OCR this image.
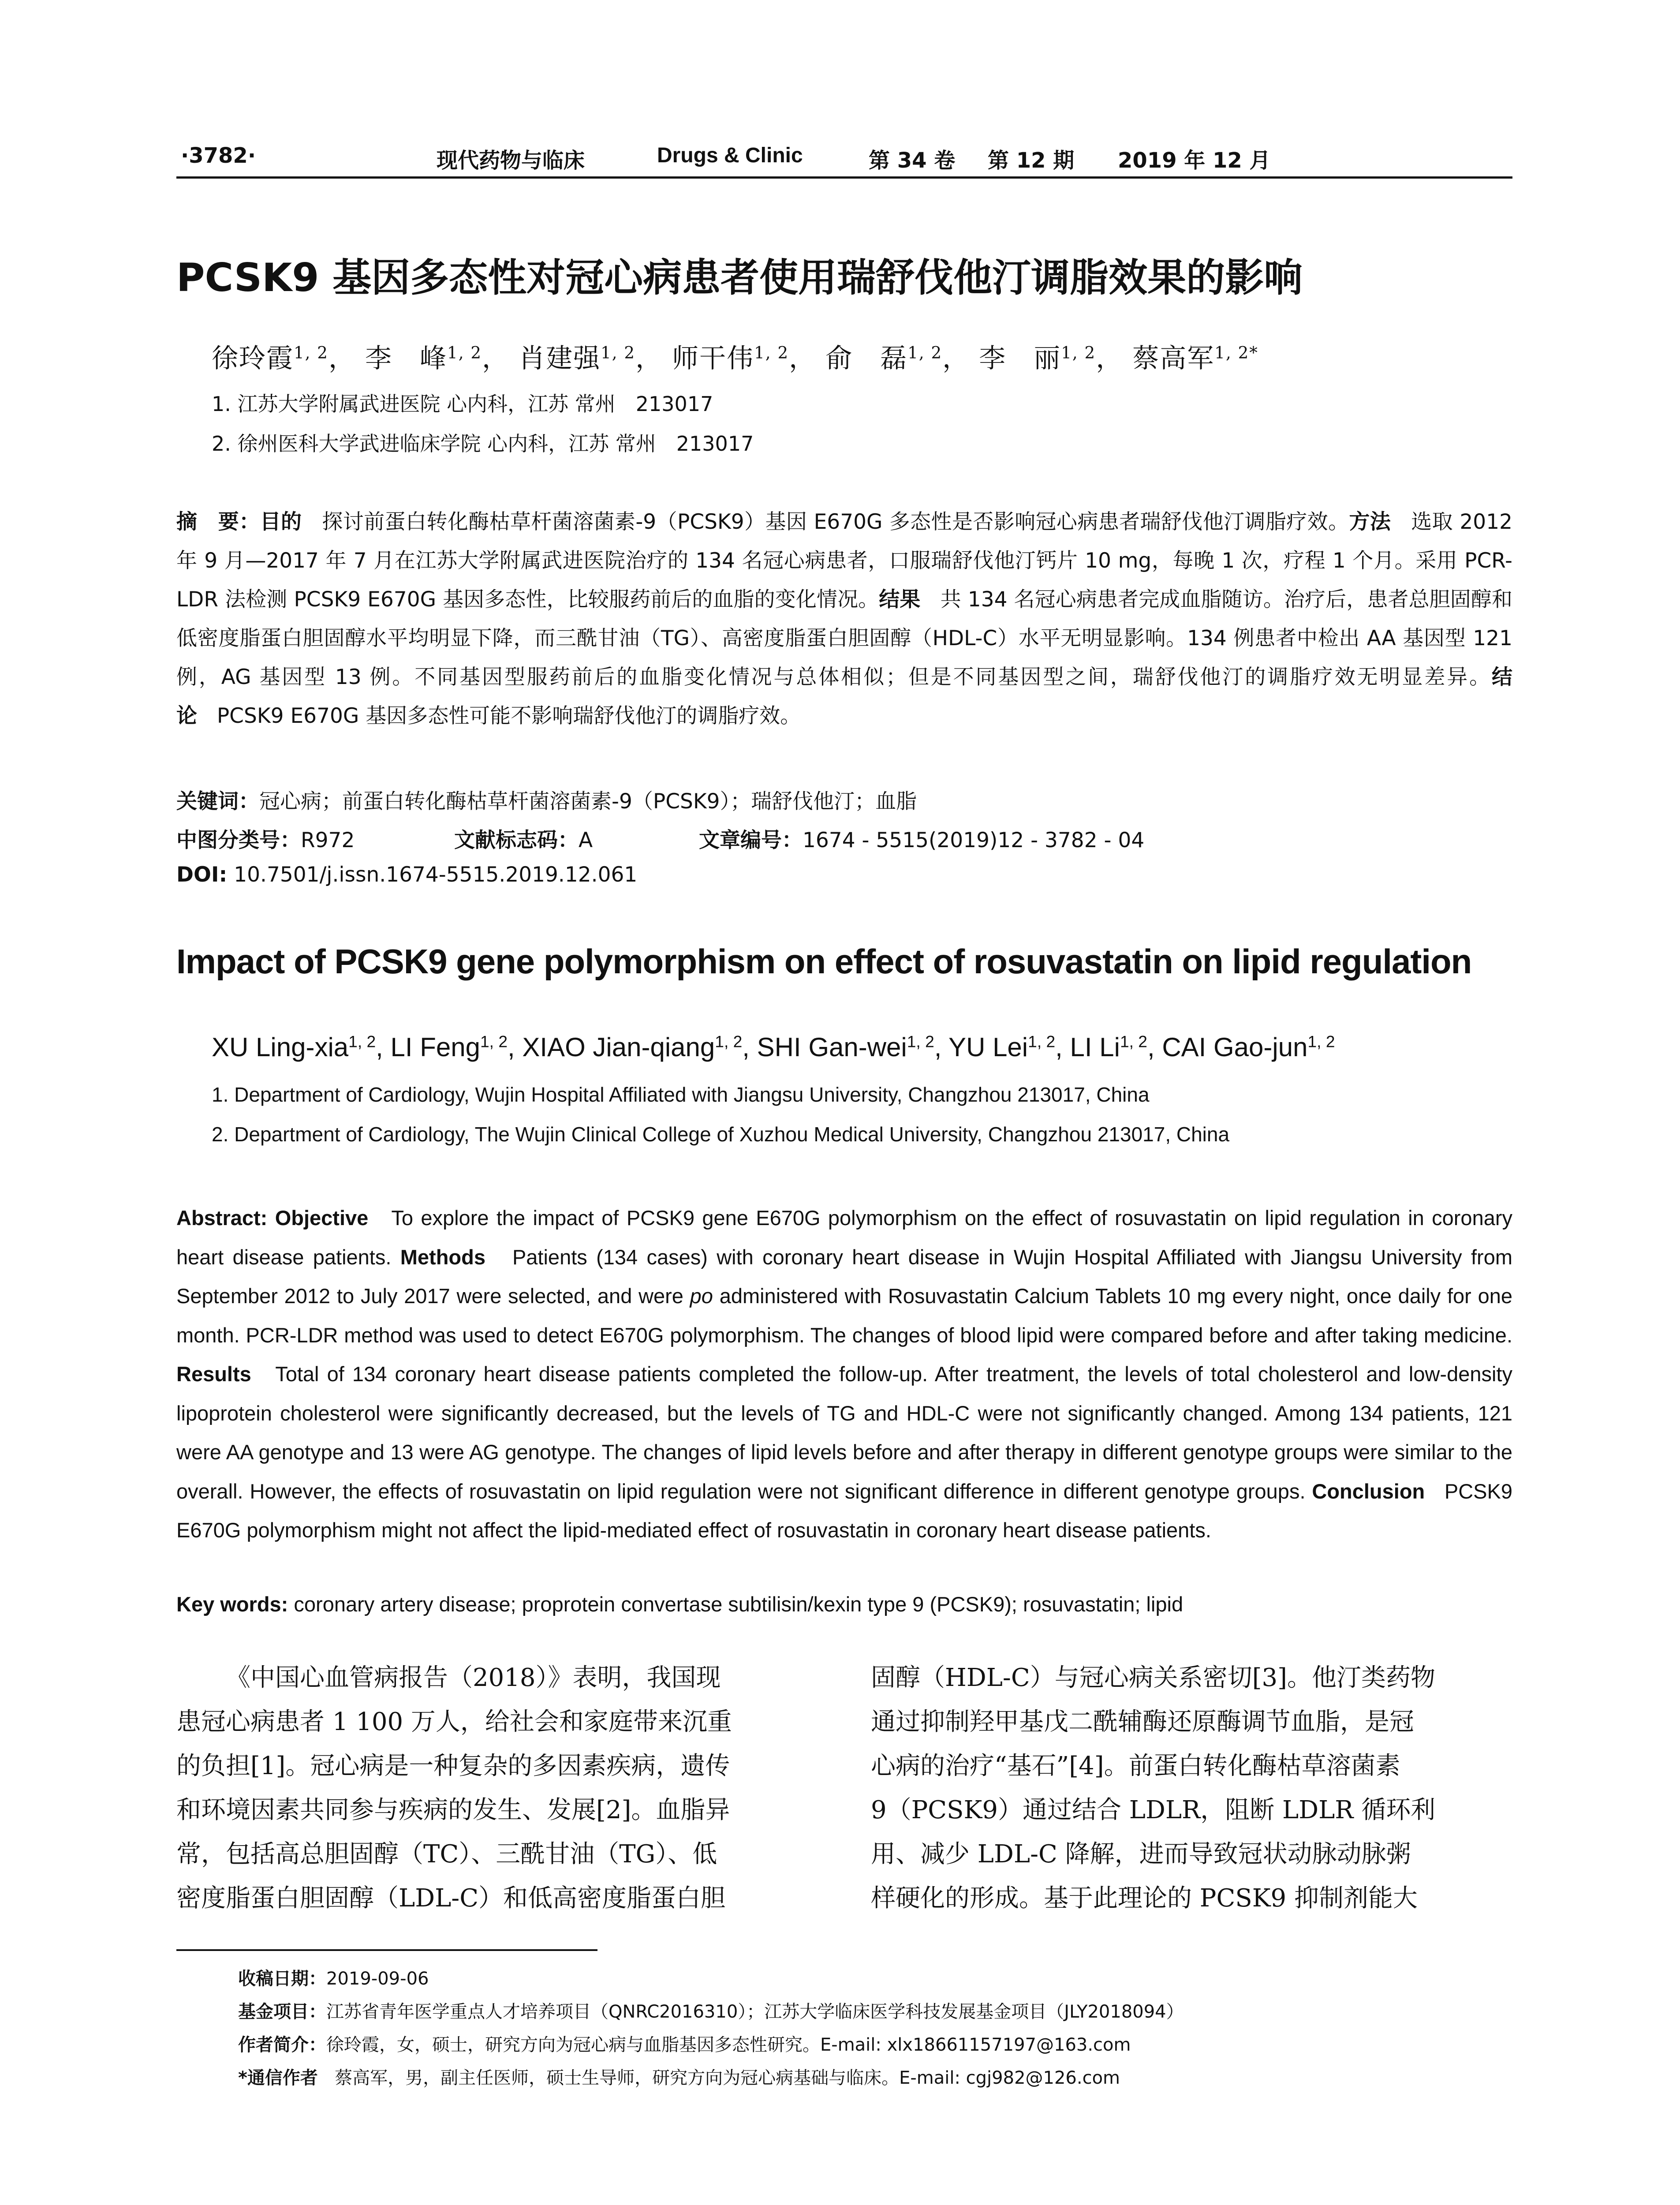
·3782·	现代药物与临床	Drugs & Clinic	第 34 卷 第 12 期 2019 年 12 月
PCSK9 基因多态性对冠心病患者使用瑞舒伐他汀调脂效果的影响
徐玲霞$^{1, 2}$， 李　峰$^{1, 2}$， 肖建强$^{1, 2}$， 师干伟$^{1, 2}$， 俞　磊$^{1, 2}$， 李　丽$^{1, 2}$， 蔡高军$^{1, 2*}$
1. 江苏大学附属武进医院 心内科，江苏 常州　213017
2. 徐州医科大学武进临床学院 心内科，江苏 常州　213017
摘　要：目的 探讨前蛋白转化酶枯草杆菌溶菌素-9（PCSK9）基因 E670G 多态性是否影响冠心病患者瑞舒伐他汀调脂疗效。方法 选取 2012 年 9 月—2017 年 7 月在江苏大学附属武进医院治疗的 134 名冠心病患者，口服瑞舒伐他汀钙片 10 mg，每晚 1 次，疗程 1 个月。采用 PCR-LDR 法检测 PCSK9 E670G 基因多态性，比较服药前后的血脂的变化情况。结果 共 134 名冠心病患者完成血脂随访。治疗后，患者总胆固醇和低密度脂蛋白胆固醇水平均明显下降，而三酰甘油（TG）、高密度脂蛋白胆固醇（HDL-C）水平无明显影响。134 例患者中检出 AA 基因型 121 例，AG 基因型 13 例。不同基因型服药前后的血脂变化情况与总体相似；但是不同基因型之间，瑞舒伐他汀的调脂疗效无明显差异。结论 PCSK9 E670G 基因多态性可能不影响瑞舒伐他汀的调脂疗效。
关键词：冠心病；前蛋白转化酶枯草杆菌溶菌素-9（PCSK9）；瑞舒伐他汀；血脂
中图分类号：R972	文献标志码：A	文章编号：1674 - 5515(2019)12 - 3782 - 04
DOI: 10.7501/j.issn.1674-5515.2019.12.061
Impact of PCSK9 gene polymorphism on effect of rosuvastatin on lipid regulation
XU Ling-xia$^{1, 2}$, LI Feng$^{1, 2}$, XIAO Jian-qiang$^{1, 2}$, SHI Gan-wei$^{1, 2}$, YU Lei$^{1, 2}$, LI Li$^{1, 2}$, CAI Gao-jun$^{1, 2}$
1. Department of Cardiology, Wujin Hospital Affiliated with Jiangsu University, Changzhou 213017, China
2. Department of Cardiology, The Wujin Clinical College of Xuzhou Medical University, Changzhou 213017, China
Abstract: Objective To explore the impact of PCSK9 gene E670G polymorphism on the effect of rosuvastatin on lipid regulation in coronary heart disease patients. Methods Patients (134 cases) with coronary heart disease in Wujin Hospital Affiliated with Jiangsu University from September 2012 to July 2017 were selected, and were po administered with Rosuvastatin Calcium Tablets 10 mg every night, once daily for one month. PCR-LDR method was used to detect E670G polymorphism. The changes of blood lipid were compared before and after taking medicine. Results Total of 134 coronary heart disease patients completed the follow-up. After treatment, the levels of total cholesterol and low-density lipoprotein cholesterol were significantly decreased, but the levels of TG and HDL-C were not significantly changed. Among 134 patients, 121 were AA genotype and 13 were AG genotype. The changes of lipid levels before and after therapy in different genotype groups were similar to the overall. However, the effects of rosuvastatin on lipid regulation were not significant difference in different genotype groups. Conclusion PCSK9 E670G polymorphism might not affect the lipid-mediated effect of rosuvastatin in coronary heart disease patients.
Key words: coronary artery disease; proprotein convertase subtilisin/kexin type 9 (PCSK9); rosuvastatin; lipid
《中国心血管病报告（2018）》表明，我国现
患冠心病患者 1 100 万人，给社会和家庭带来沉重
的负担[1]。冠心病是一种复杂的多因素疾病，遗传
和环境因素共同参与疾病的发生、发展[2]。血脂异
常，包括高总胆固醇（TC）、三酰甘油（TG）、低
密度脂蛋白胆固醇（LDL-C）和低高密度脂蛋白胆
固醇（HDL-C）与冠心病关系密切[3]。他汀类药物
通过抑制羟甲基戊二酰辅酶还原酶调节血脂，是冠
心病的治疗“基石”[4]。前蛋白转化酶枯草溶菌素
9（PCSK9）通过结合 LDLR，阻断 LDLR 循环利
用、减少 LDL-C 降解，进而导致冠状动脉动脉粥
样硬化的形成。基于此理论的 PCSK9 抑制剂能大
收稿日期：2019-09-06
基金项目：江苏省青年医学重点人才培养项目（QNRC2016310）；江苏大学临床医学科技发展基金项目（JLY2018094）
作者简介：徐玲霞，女，硕士，研究方向为冠心病与血脂基因多态性研究。E-mail: xlx18661157197@163.com
*通信作者 蔡高军，男，副主任医师，硕士生导师，研究方向为冠心病基础与临床。E-mail: cgj982@126.com
